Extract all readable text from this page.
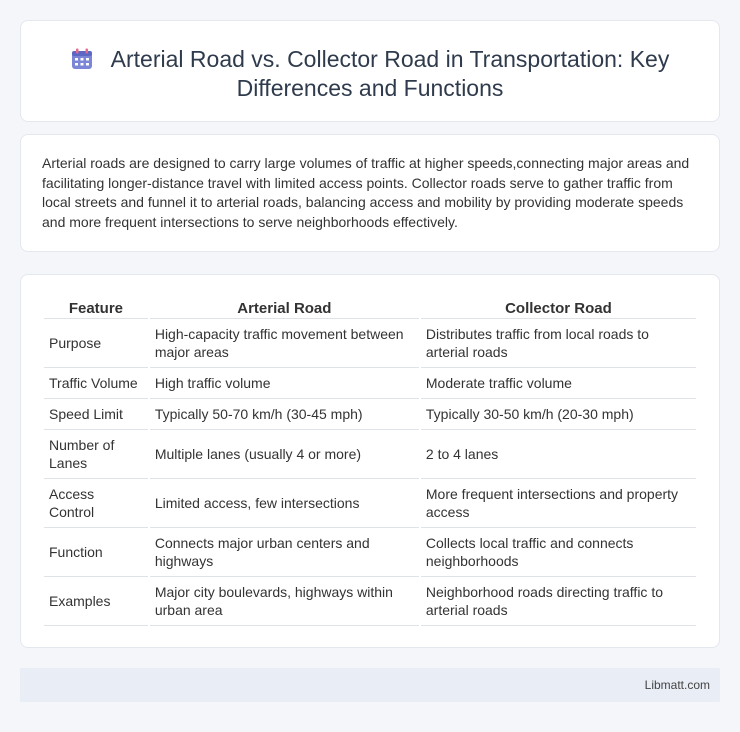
Arterial Road vs. Collector Road in Transportation: Key Differences and Functions

Arterial roads are designed to carry large volumes of traffic at higher speeds,connecting major areas and facilitating longer-distance travel with limited access points. Collector roads serve to gather traffic from local streets and funnel it to arterial roads, balancing access and mobility by providing moderate speeds and more frequent intersections to serve neighborhoods effectively.

Feature	Arterial Road	Collector Road
Purpose	High-capacity traffic movement between major areas	Distributes traffic from local roads to arterial roads
Traffic Volume	High traffic volume	Moderate traffic volume
Speed Limit	Typically 50-70 km/h (30-45 mph)	Typically 30-50 km/h (20-30 mph)
Number of Lanes	Multiple lanes (usually 4 or more)	2 to 4 lanes
Access Control	Limited access, few intersections	More frequent intersections and property access
Function	Connects major urban centers and highways	Collects local traffic and connects neighborhoods
Examples	Major city boulevards, highways within urban area	Neighborhood roads directing traffic to arterial roads
Libmatt.com
